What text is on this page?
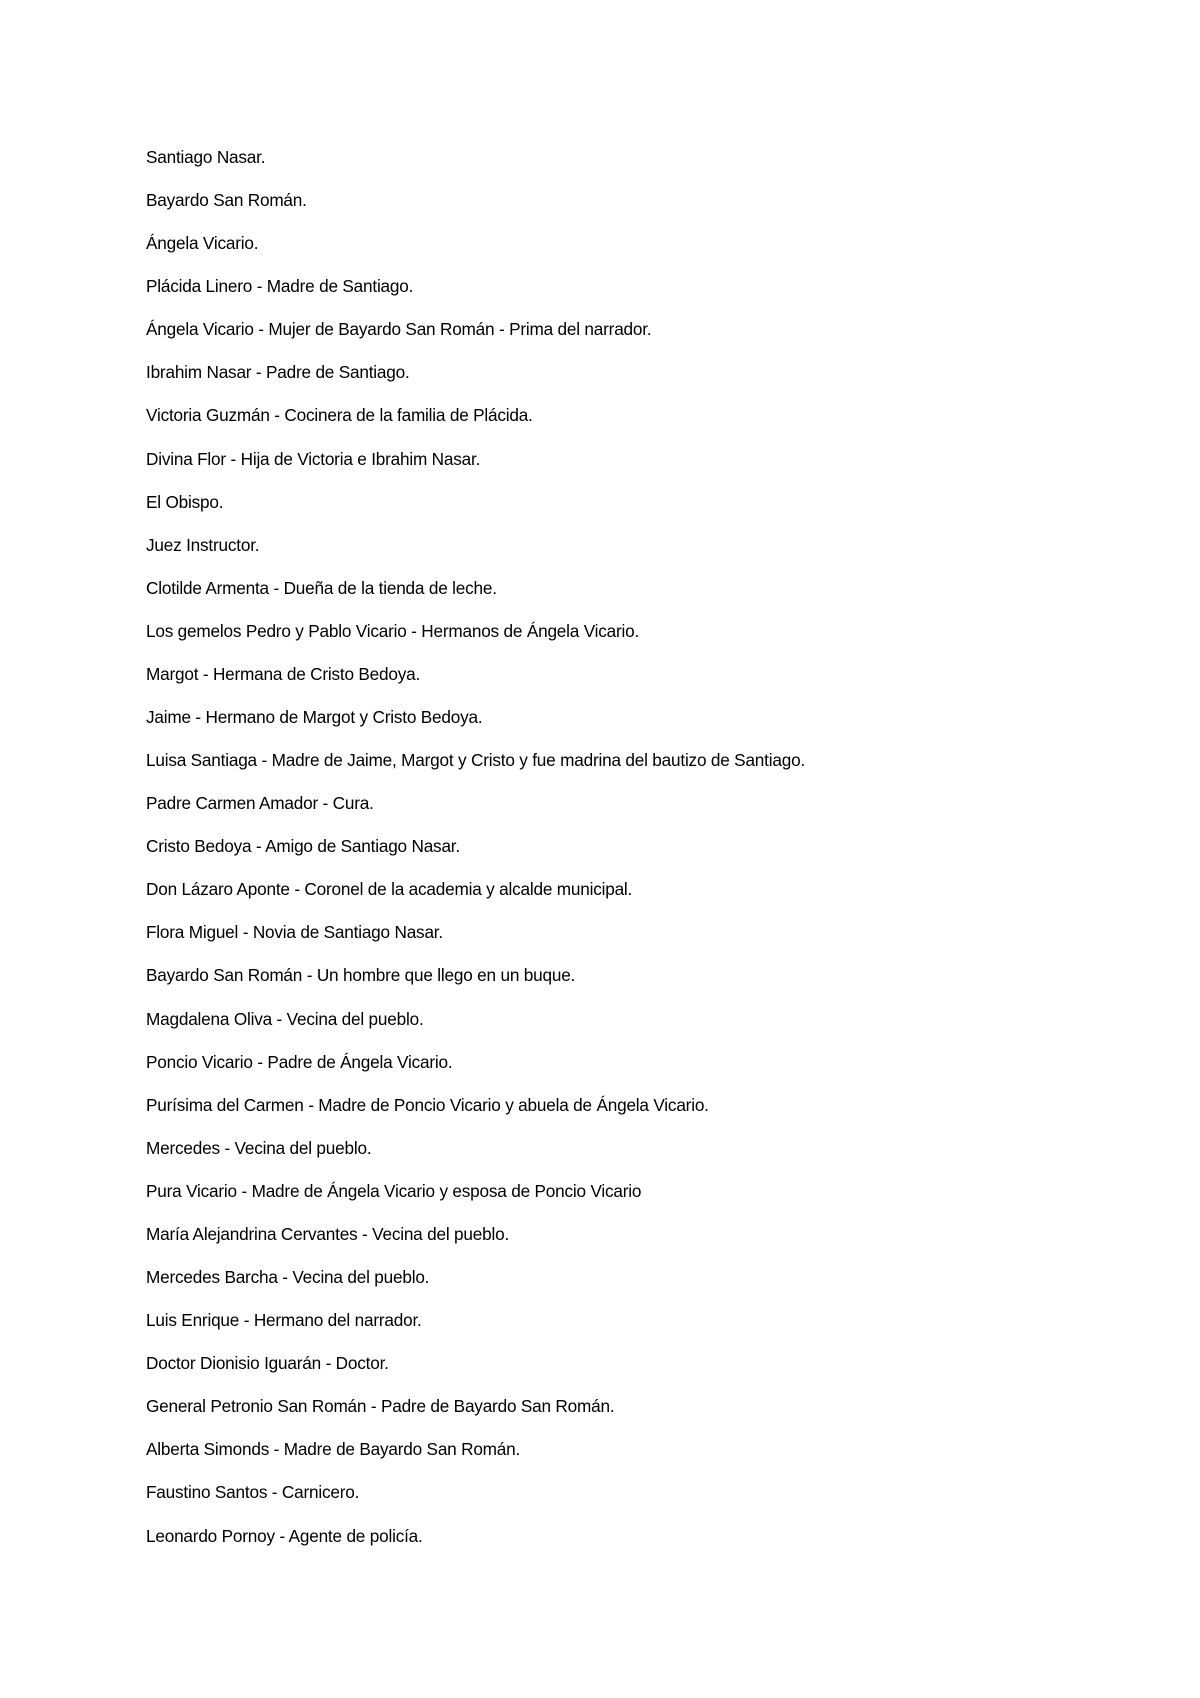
Santiago Nasar.
Bayardo San Román.
Ángela Vicario.
Plácida Linero - Madre de Santiago.
Ángela Vicario - Mujer de Bayardo San Román - Prima del narrador.
Ibrahim Nasar - Padre de Santiago.
Victoria Guzmán - Cocinera de la familia de Plácida.
Divina Flor - Hija de Victoria e Ibrahim Nasar.
El Obispo.
Juez Instructor.
Clotilde Armenta - Dueña de la tienda de leche.
Los gemelos Pedro y Pablo Vicario - Hermanos de Ángela Vicario.
Margot - Hermana de Cristo Bedoya.
Jaime - Hermano de Margot y Cristo Bedoya.
Luisa Santiaga - Madre de Jaime, Margot y Cristo y fue madrina del bautizo de Santiago.
Padre Carmen Amador - Cura.
Cristo Bedoya - Amigo de Santiago Nasar.
Don Lázaro Aponte - Coronel de la academia y alcalde municipal.
Flora Miguel - Novia de Santiago Nasar.
Bayardo San Román - Un hombre que llego en un buque.
Magdalena Oliva - Vecina del pueblo.
Poncio Vicario - Padre de Ángela Vicario.
Purísima del Carmen - Madre de Poncio Vicario y abuela de Ángela Vicario.
Mercedes - Vecina del pueblo.
Pura Vicario - Madre de Ángela Vicario y esposa de Poncio Vicario
María Alejandrina Cervantes - Vecina del pueblo.
Mercedes Barcha - Vecina del pueblo.
Luis Enrique - Hermano del narrador.
Doctor Dionisio Iguarán - Doctor.
General Petronio San Román - Padre de Bayardo San Román.
Alberta Simonds - Madre de Bayardo San Román.
Faustino Santos - Carnicero.
Leonardo Pornoy - Agente de policía.
